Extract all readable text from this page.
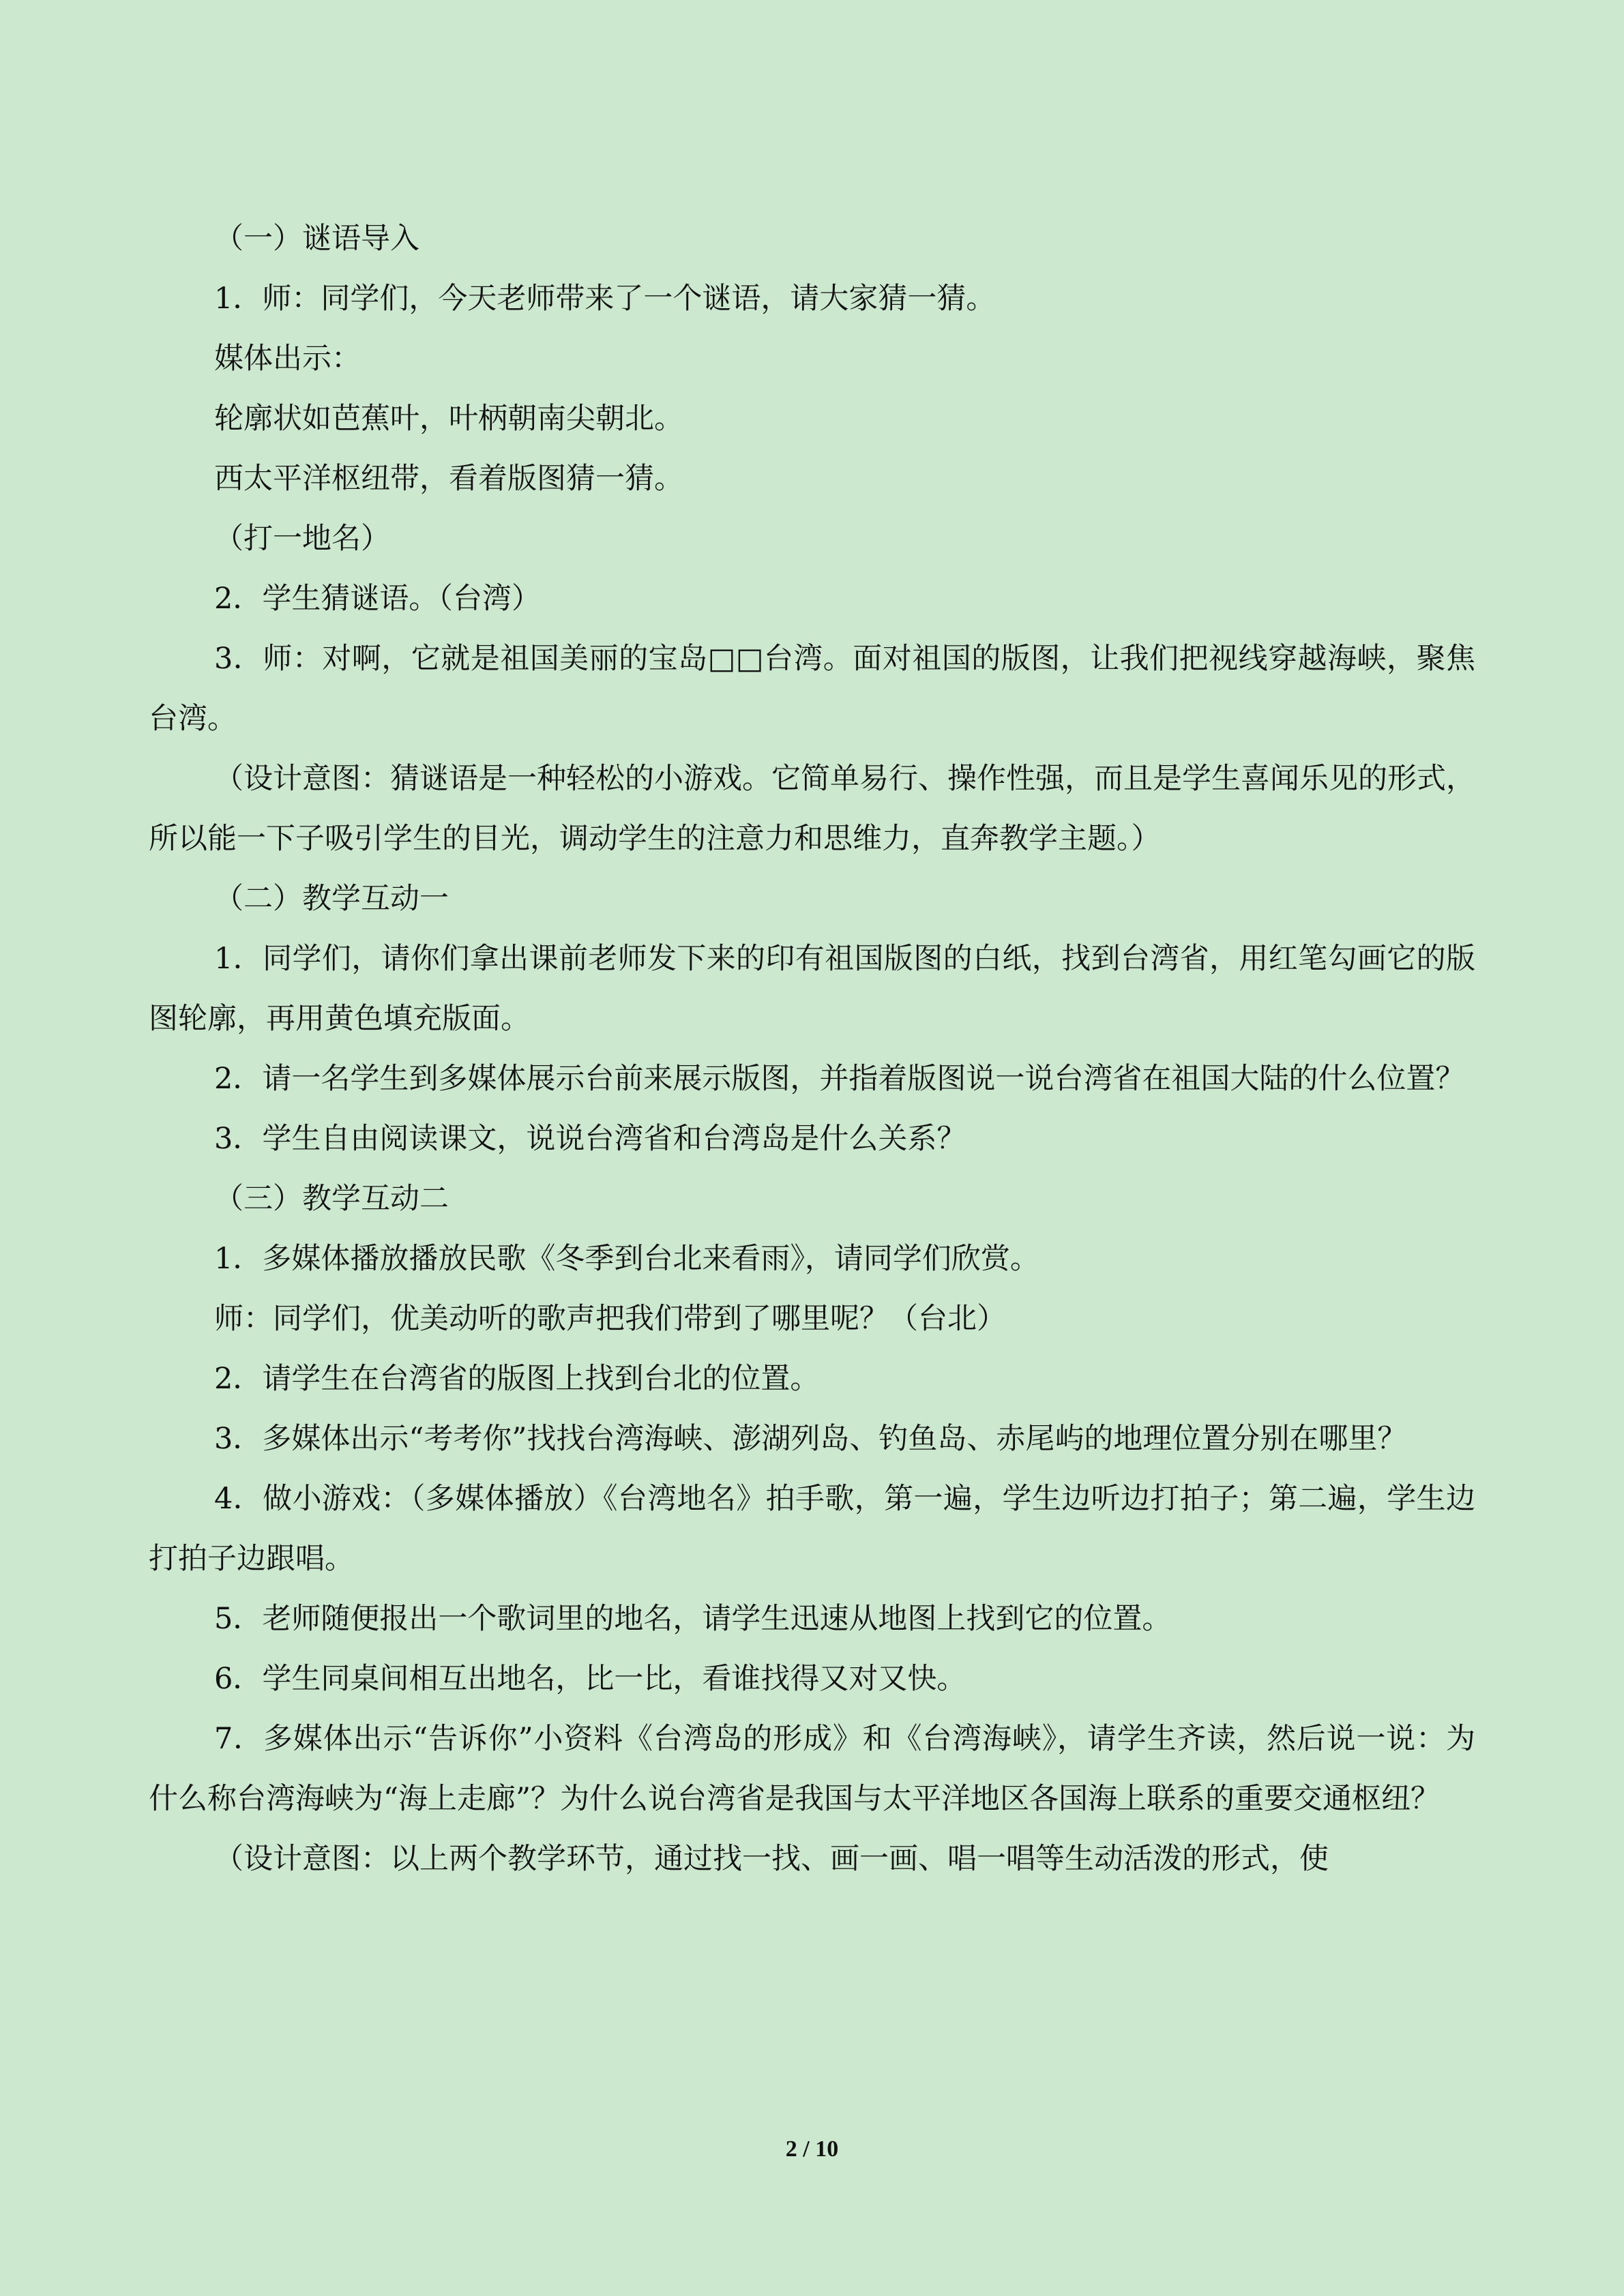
（一）谜语导入

1．师：同学们，今天老师带来了一个谜语，请大家猜一猜。

媒体出示：

轮廓状如芭蕉叶，叶柄朝南尖朝北。

西太平洋枢纽带，看着版图猜一猜。

（打一地名）

2．学生猜谜语。（台湾）

3．师：对啊，它就是祖国美丽的宝岛□□台湾。面对祖国的版图，让我们把视线穿越海峡，聚焦台湾。

（设计意图：猜谜语是一种轻松的小游戏。它简单易行、操作性强，而且是学生喜闻乐见的形式，所以能一下子吸引学生的目光，调动学生的注意力和思维力，直奔教学主题。）

（二）教学互动一

1．同学们，请你们拿出课前老师发下来的印有祖国版图的白纸，找到台湾省，用红笔勾画它的版图轮廓，再用黄色填充版面。

2．请一名学生到多媒体展示台前来展示版图，并指着版图说一说台湾省在祖国大陆的什么位置？

3．学生自由阅读课文，说说台湾省和台湾岛是什么关系？

（三）教学互动二

1．多媒体播放播放民歌《冬季到台北来看雨》，请同学们欣赏。

师：同学们，优美动听的歌声把我们带到了哪里呢？（台北）

2．请学生在台湾省的版图上找到台北的位置。

3．多媒体出示“考考你”找找台湾海峡、澎湖列岛、钓鱼岛、赤尾屿的地理位置分别在哪里？

4．做小游戏：（多媒体播放）《台湾地名》拍手歌，第一遍，学生边听边打拍子；第二遍，学生边打拍子边跟唱。

5．老师随便报出一个歌词里的地名，请学生迅速从地图上找到它的位置。

6．学生同桌间相互出地名，比一比，看谁找得又对又快。

7．多媒体出示“告诉你”小资料《台湾岛的形成》和《台湾海峡》，请学生齐读，然后说一说：为什么称台湾海峡为“海上走廊”？为什么说台湾省是我国与太平洋地区各国海上联系的重要交通枢纽？

（设计意图：以上两个教学环节，通过找一找、画一画、唱一唱等生动活泼的形式，使

2 / 10
